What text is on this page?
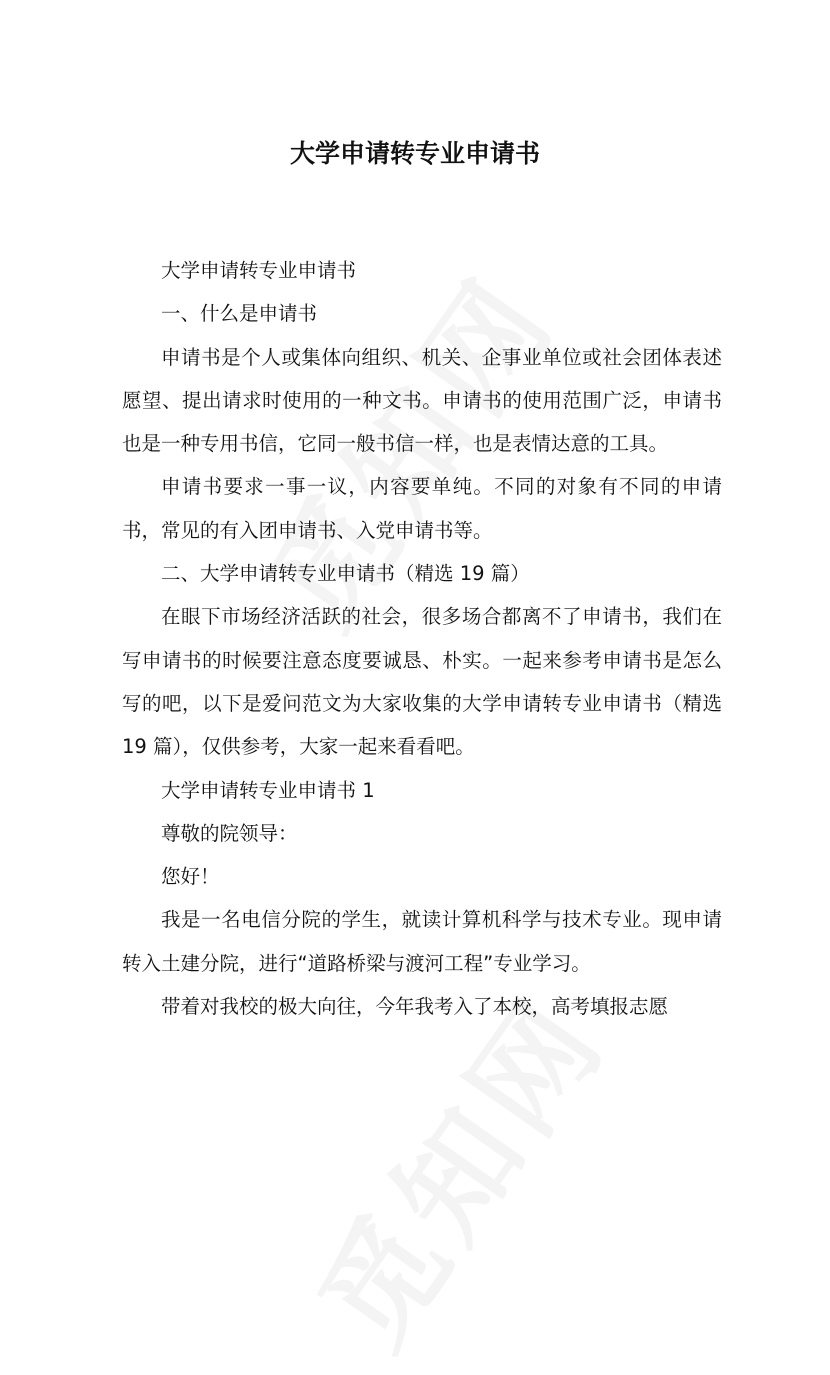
大学申请转专业申请书

大学申请转专业申请书

一、什么是申请书

申请书是个人或集体向组织、机关、企事业单位或社会团体表述愿望、提出请求时使用的一种文书。申请书的使用范围广泛，申请书也是一种专用书信，它同一般书信一样，也是表情达意的工具。

申请书要求一事一议，内容要单纯。不同的对象有不同的申请书，常见的有入团申请书、入党申请书等。

二、大学申请转专业申请书（精选 19 篇）

在眼下市场经济活跃的社会，很多场合都离不了申请书，我们在写申请书的时候要注意态度要诚恳、朴实。一起来参考申请书是怎么写的吧，以下是爱问范文为大家收集的大学申请转专业申请书（精选 19 篇），仅供参考，大家一起来看看吧。

大学申请转专业申请书 1

尊敬的院领导：

您好！

我是一名电信分院的学生，就读计算机科学与技术专业。现申请转入土建分院，进行“道路桥梁与渡河工程”专业学习。

带着对我校的极大向往，今年我考入了本校，高考填报志愿
